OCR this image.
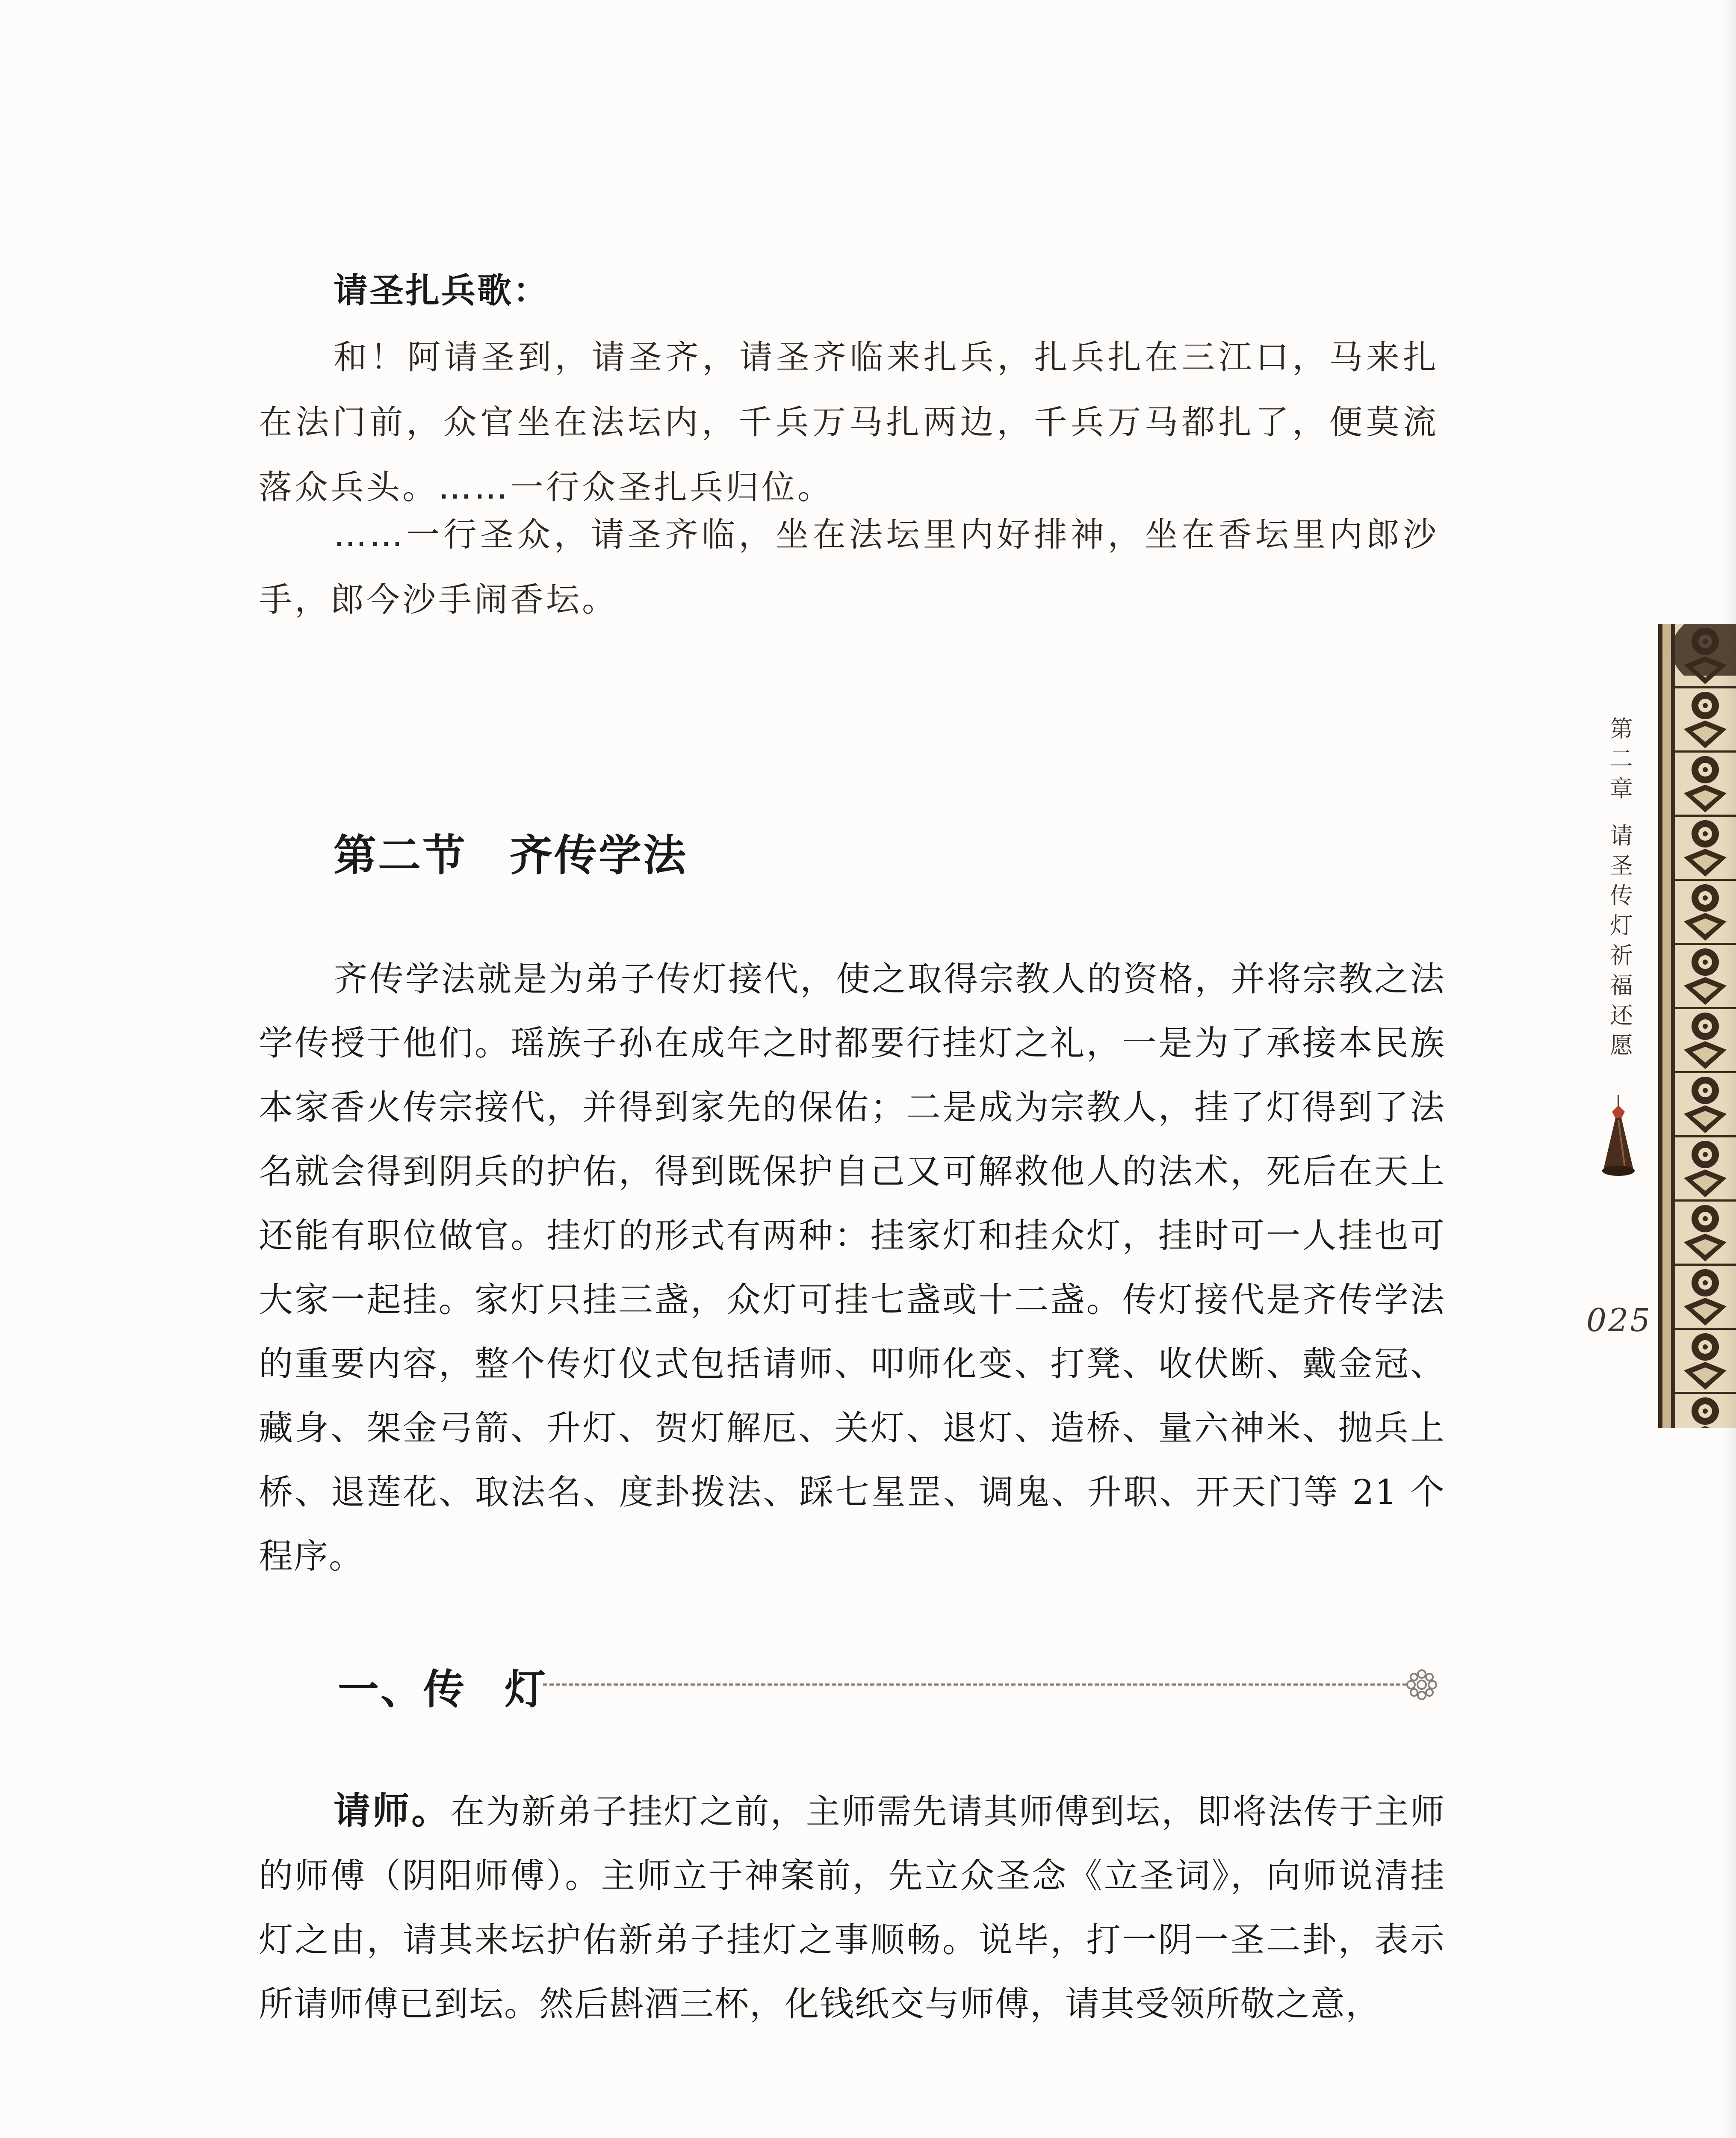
请圣扎兵歌：

和！阿请圣到，请圣齐，请圣齐临来扎兵，扎兵扎在三江口，马来扎在法门前，众官坐在法坛内，千兵万马扎两边，千兵万马都扎了，便莫流落众兵头。……一行众圣扎兵归位。

……一行圣众，请圣齐临，坐在法坛里内好排神，坐在香坛里内郎沙手，郎今沙手闹香坛。

第二节 齐传学法

齐传学法就是为弟子传灯接代，使之取得宗教人的资格，并将宗教之法学传授于他们。瑶族子孙在成年之时都要行挂灯之礼，一是为了承接本民族本家香火传宗接代，并得到家先的保佑；二是成为宗教人，挂了灯得到了法名就会得到阴兵的护佑，得到既保护自己又可解救他人的法术，死后在天上还能有职位做官。挂灯的形式有两种：挂家灯和挂众灯，挂时可一人挂也可大家一起挂。家灯只挂三盏，众灯可挂七盏或十二盏。传灯接代是齐传学法的重要内容，整个传灯仪式包括请师、叩师化变、打凳、收伏断、戴金冠、藏身、架金弓箭、升灯、贺灯解厄、关灯、退灯、造桥、量六神米、抛兵上桥、退莲花、取法名、度卦拨法、踩七星罡、调鬼、升职、开天门等 21 个程序。

一、传 灯

请师。在为新弟子挂灯之前，主师需先请其师傅到坛，即将法传于主师的师傅（阴阳师傅）。主师立于神案前，先立众圣念《立圣词》，向师说清挂灯之由，请其来坛护佑新弟子挂灯之事顺畅。说毕，打一阴一圣二卦，表示所请师傅已到坛。然后斟酒三杯，化钱纸交与师傅，请其受领所敬之意，

第
二
章
请
圣
传
灯
祈
福
还
愿
025
